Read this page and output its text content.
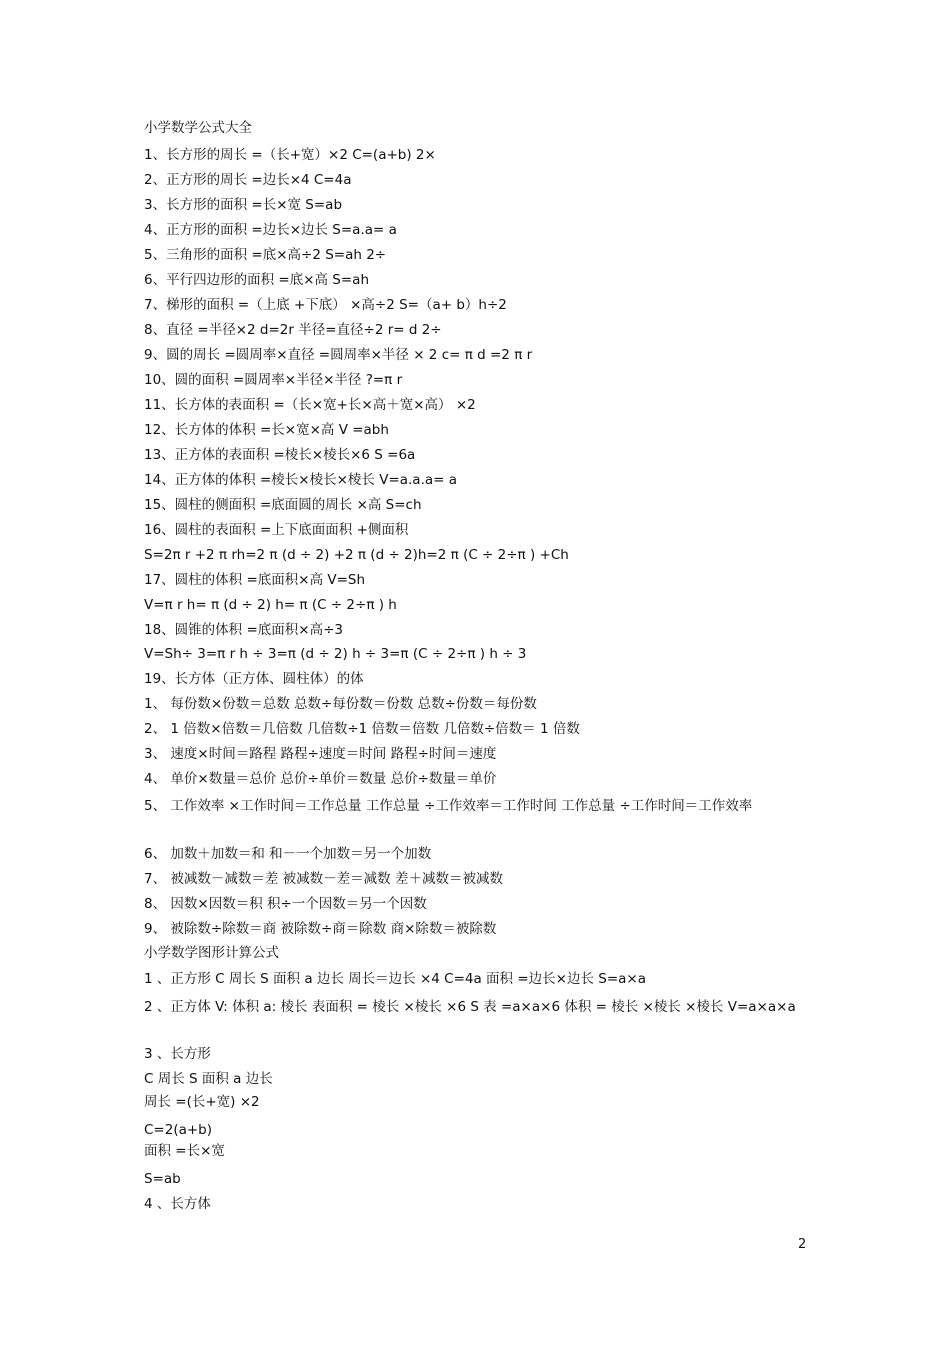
小学数学公式大全
1、长方形的周长 =（长+宽）×2 C=(a+b) 2×
2、正方形的周长 =边长×4 C=4a
3、长方形的面积 =长×宽 S=ab
4、正方形的面积 =边长×边长 S=a.a= a
5、三角形的面积 =底×高÷2 S=ah 2÷
6、平行四边形的面积 =底×高 S=ah
7、梯形的面积 =（上底 +下底） ×高÷2 S=（a+ b）h÷2
8、直径 =半径×2 d=2r 半径=直径÷2 r= d 2÷
9、圆的周长 =圆周率×直径 =圆周率×半径 × 2 c= π d =2 π r
10、圆的面积 =圆周率×半径×半径 ?=π r
11、长方体的表面积 =（长×宽+长×高＋宽×高） ×2
12、长方体的体积 =长×宽×高 V =abh
13、正方体的表面积 =棱长×棱长×6 S =6a
14、正方体的体积 =棱长×棱长×棱长 V=a.a.a= a
15、圆柱的侧面积 =底面圆的周长 ×高 S=ch
16、圆柱的表面积 =上下底面面积 +侧面积
S=2π r +2 π rh=2 π (d ÷ 2) +2 π (d ÷ 2)h=2 π (C ÷ 2÷π ) +Ch
17、圆柱的体积 =底面积×高 V=Sh
V=π r h= π (d ÷ 2) h= π (C ÷ 2÷π ) h
18、圆锥的体积 =底面积×高÷3
V=Sh÷ 3=π r h ÷ 3=π (d ÷ 2) h ÷ 3=π (C ÷ 2÷π ) h ÷ 3
19、长方体（正方体、圆柱体）的体
1、 每份数×份数＝总数 总数÷每份数＝份数 总数÷份数＝每份数
2、 1 倍数×倍数＝几倍数 几倍数÷1 倍数＝倍数 几倍数÷倍数＝ 1 倍数
3、 速度×时间＝路程 路程÷速度＝时间 路程÷时间＝速度
4、 单价×数量＝总价 总价÷单价＝数量 总价÷数量＝单价
5、 工作效率 ×工作时间＝工作总量 工作总量 ÷工作效率＝工作时间 工作总量 ÷工作时间＝工作效率
6、 加数＋加数＝和 和－一个加数＝另一个加数
7、 被减数－减数＝差 被减数－差＝减数 差＋减数＝被减数
8、 因数×因数＝积 积÷一个因数＝另一个因数
9、 被除数÷除数＝商 被除数÷商＝除数 商×除数＝被除数
小学数学图形计算公式
1 、正方形 C 周长 S 面积 a 边长 周长＝边长 ×4 C=4a 面积 =边长×边长 S=a×a
2 、正方体 V: 体积 a: 棱长 表面积 = 棱长 ×棱长 ×6 S 表 =a×a×6 体积 = 棱长 ×棱长 ×棱长 V=a×a×a
3 、长方形
C 周长 S 面积 a 边长
周长 =(长+宽) ×2
C=2(a+b)
面积 =长×宽
S=ab
4 、长方体
2
